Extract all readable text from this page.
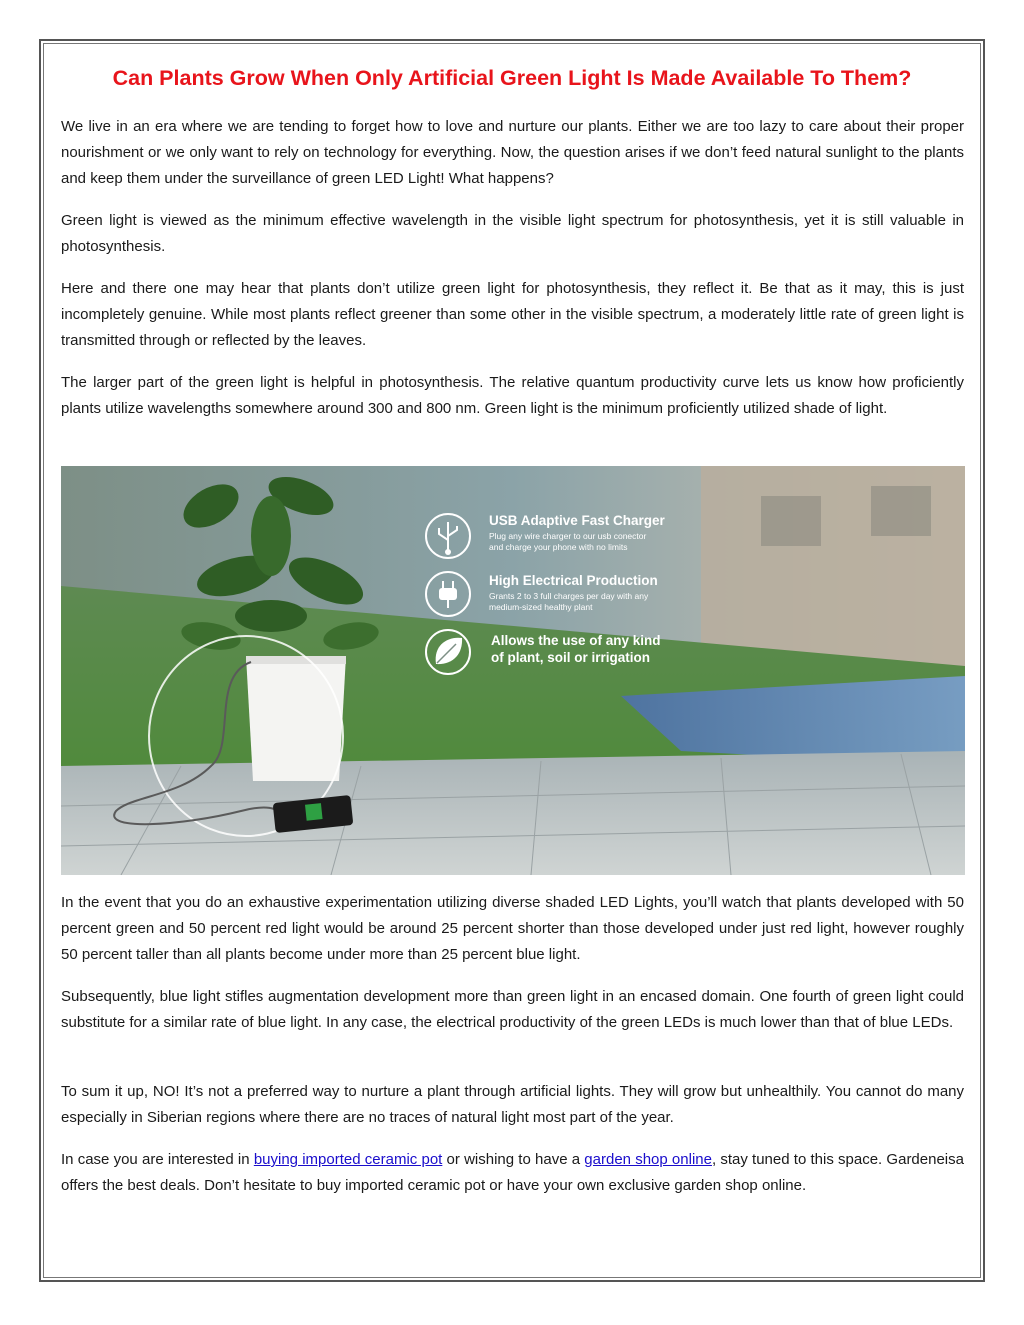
Can Plants Grow When Only Artificial Green Light Is Made Available To Them?

We live in an era where we are tending to forget how to love and nurture our plants. Either we are too lazy to care about their proper nourishment or we only want to rely on technology for everything. Now, the question arises if we don’t feed natural sunlight to the plants and keep them under the surveillance of green LED Light! What happens?

Green light is viewed as the minimum effective wavelength in the visible light spectrum for photosynthesis, yet it is still valuable in photosynthesis.

Here and there one may hear that plants don’t utilize green light for photosynthesis, they reflect it. Be that as it may, this is just incompletely genuine. While most plants reflect greener than some other in the visible spectrum, a moderately little rate of green light is transmitted through or reflected by the leaves.

The larger part of the green light is helpful in photosynthesis. The relative quantum productivity curve lets us know how proficiently plants utilize wavelengths somewhere around 300 and 800 nm. Green light is the minimum proficiently utilized shade of light.

USB Adaptive Fast Charger
Plug any wire charger to our usb conector
and charge your phone with no limits
High Electrical Production
Grants 2 to 3 full charges per day with any
medium-sized healthy plant
Allows the use of any kind
of plant, soil or irrigation

In the event that you do an exhaustive experimentation utilizing diverse shaded LED Lights, you’ll watch that plants developed with 50 percent green and 50 percent red light would be around 25 percent shorter than those developed under just red light, however roughly 50 percent taller than all plants become under more than 25 percent blue light.

Subsequently, blue light stifles augmentation development more than green light in an encased domain. One fourth of green light could substitute for a similar rate of blue light. In any case, the electrical productivity of the green LEDs is much lower than that of blue LEDs.

To sum it up, NO! It’s not a preferred way to nurture a plant through artificial lights. They will grow but unhealthily. You cannot do many especially in Siberian regions where there are no traces of natural light most part of the year.

In case you are interested in buying imported ceramic pot or wishing to have a garden shop online, stay tuned to this space. Gardeneisa offers the best deals. Don’t hesitate to buy imported ceramic pot or have your own exclusive garden shop online.
